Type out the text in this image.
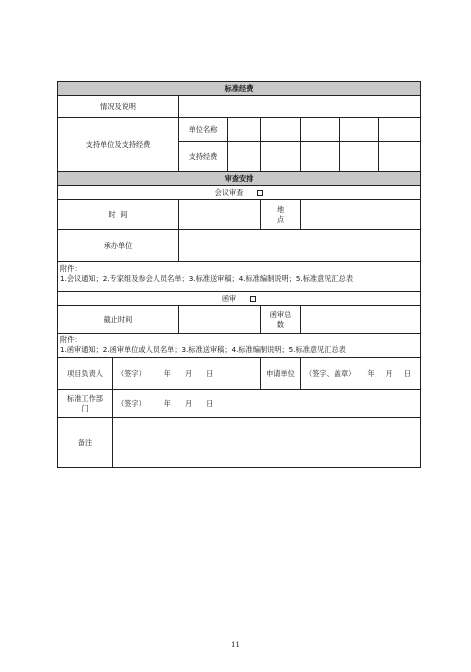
标准经费							
情况及说明							
支持单位及支持经费		单位名称					
		支持经费					
审查安排							
会议审查							
时  间				地
点			

承办单位							

附件：
1.会议通知；2.专家组及参会人员名单；3.标准送审稿；4.标准编制说明；5.标准意见汇总表							

函审							
截止时间				函审总
数			

附件：
1.函审通知；2.函审单位或人员名单；3.标准送审稿；4.标准编制说明；5.标准意见汇总表							

项目负责人	（签字） 年 月 日			申请单位	（签字、盖章） 年 月 日		

标准工作部
门	（签字） 年 月 日						
备注							
11
